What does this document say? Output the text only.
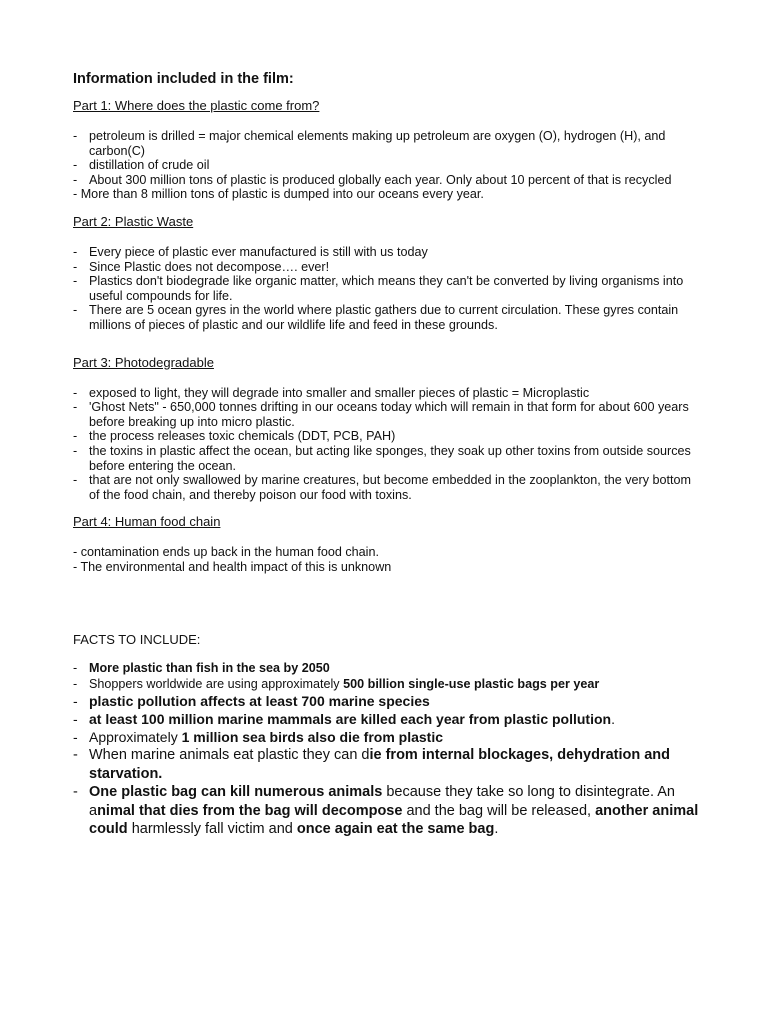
Information included in the film:
Part 1: Where does the plastic come from?
- petroleum is drilled = major chemical elements making up petroleum are oxygen (O), hydrogen (H), and carbon(C)
- distillation of crude oil
- About 300 million tons of plastic is produced globally each year. Only about 10 percent of that is recycled
- More than 8 million tons of plastic is dumped into our oceans every year.
Part 2: Plastic Waste
- Every piece of plastic ever manufactured is still with us today
- Since Plastic does not decompose…. ever!
- Plastics don't biodegrade like organic matter, which means they can't be converted by living organisms into useful compounds for life.
- There are 5 ocean gyres in the world where plastic gathers due to current circulation. These gyres contain millions of pieces of plastic and our wildlife life and feed in these grounds.
Part 3: Photodegradable
- exposed to light, they will degrade into smaller and smaller pieces of plastic = Microplastic
- 'Ghost Nets" - 650,000 tonnes drifting in our oceans today which will remain in that form for about 600 years before breaking up into micro plastic.
- the process releases toxic chemicals (DDT, PCB, PAH)
- the toxins in plastic affect the ocean, but acting like sponges, they soak up other toxins from outside sources before entering the ocean.
- that are not only swallowed by marine creatures, but become embedded in the zooplankton, the very bottom of the food chain, and thereby poison our food with toxins.
Part 4: Human food chain
- contamination ends up back in the human food chain.
- The environmental and health impact of this is unknown
FACTS TO INCLUDE:
- More plastic than fish in the sea by 2050
- Shoppers worldwide are using approximately 500 billion single-use plastic bags per year
- plastic pollution affects at least 700 marine species
- at least 100 million marine mammals are killed each year from plastic pollution.
- Approximately 1 million sea birds also die from plastic
- When marine animals eat plastic they can die from internal blockages, dehydration and starvation.
- One plastic bag can kill numerous animals because they take so long to disintegrate. An animal that dies from the bag will decompose and the bag will be released, another animal could harmlessly fall victim and once again eat the same bag.
